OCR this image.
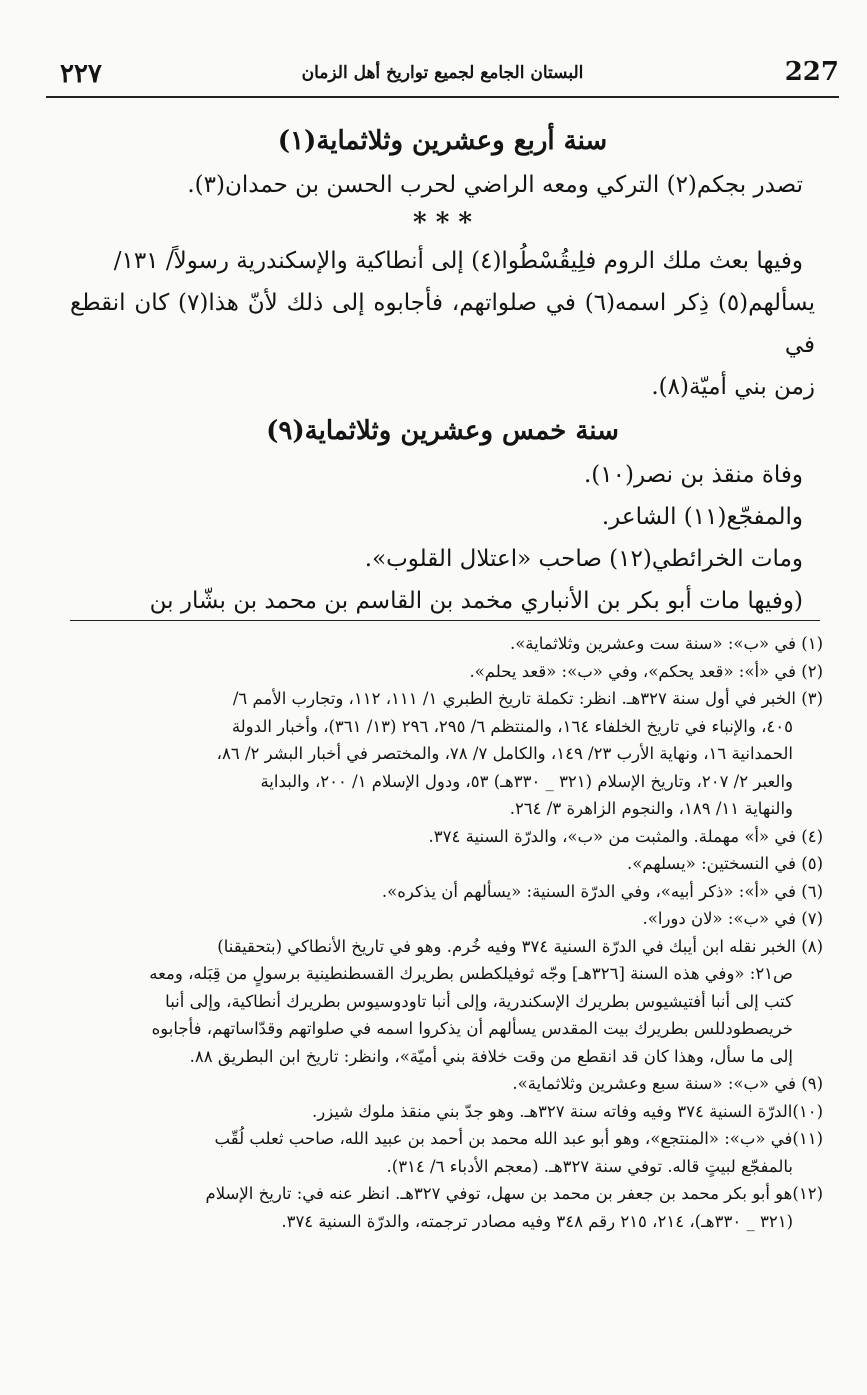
٢٢٧	البستان الجامع لجميع تواريخ أهل الزمان	227

سنة أربع وعشرين وثلاثماية(١)

تصدر بجكم(٢) التركي ومعه الراضي لحرب الحسن بن حمدان(٣).

* * *

وفيها بعث ملك الروم فلِيقُسْطُوا(٤) إلى أنطاكية والإسكندرية رسولاً/ ١٣١/

يسألهم(٥) ذِكر اسمه(٦) في صلواتهم، فأجابوه إلى ذلك لأنّ هذا(٧) كان انقطع في

زمن بني أميّة(٨).

سنة خمس وعشرين وثلاثماية(٩)

وفاة منقذ بن نصر(١٠).

والمفجّع(١١) الشاعر.

ومات الخرائطي(١٢) صاحب «اعتلال القلوب».

(وفيها مات أبو بكر بن الأنباري مخمد بن القاسم بن محمد بن بشّار بن

(١) في «ب»: «سنة ست وعشرين وثلاثماية».

(٢) في «أ»: «قعد يحكم»، وفي «ب»: «قعد يحلم».

(٣) الخبر في أول سنة ٣٢٧هـ. انظر: تكملة تاريخ الطبري ١/ ١١١، ١١٢، وتجارب الأمم ٦/

٤٠٥، والإنباء في تاريخ الخلفاء ١٦٤، والمنتظم ٦/ ٢٩٥، ٢٩٦ (١٣/ ٣٦١)، وأخبار الدولة

الحمدانية ١٦، ونهاية الأرب ٢٣/ ١٤٩، والكامل ٧/ ٧٨، والمختصر في أخبار البشر ٢/ ٨٦،

والعبر ٢/ ٢٠٧، وتاريخ الإسلام (٣٢١ _ ٣٣٠هـ) ٥٣، ودول الإسلام ١/ ٢٠٠، والبداية

والنهاية ١١/ ١٨٩، والنجوم الزاهرة ٣/ ٢٦٤.

(٤) في «أ» مهملة. والمثبت من «ب»، والدرّة السنية ٣٧٤.

(٥) في النسختين: «يسلهم».

(٦) في «أ»: «ذكر أبيه»، وفي الدرّة السنية: «يسألهم أن يذكره».

(٧) في «ب»: «لان دورا».

(٨) الخبر نقله ابن أيبك في الدرّة السنية ٣٧٤ وفيه خُرم. وهو في تاريخ الأنطاكي (بتحقيقنا)

ص٢١: «وفي هذه السنة [٣٢٦هـ] وجّه ثوفيلكطس بطريرك القسطنطينية برسولٍ من قِبَله، ومعه

كتب إلى أنبا أفتيشيوس بطريرك الإسكندرية، وإلى أنبا تاودوسيوس بطريرك أنطاكية، وإلى أنبا

خريصطودللس بطريرك بيت المقدس يسألهم أن يذكروا اسمه في صلواتهم وقدّاساتهم، فأجابوه

إلى ما سأل، وهذا كان قد انقطع من وقت خلافة بني أميّة»، وانظر: تاريخ ابن البطريق ٨٨.

(٩) في «ب»: «سنة سبع وعشرين وثلاثماية».

(١٠)الدرّة السنية ٣٧٤ وفيه وفاته سنة ٣٢٧هـ. وهو جدّ بني منقذ ملوك شيزر.

(١١)في «ب»: «المنتجع»، وهو أبو عبد الله محمد بن أحمد بن عبيد الله، صاحب ثعلب لُقّب

بالمفجّع لبيتٍ قاله. توفي سنة ٣٢٧هـ. (معجم الأدباء ٦/ ٣١٤).

(١٢)هو أبو بكر محمد بن جعفر بن محمد بن سهل، توفي ٣٢٧هـ. انظر عنه في: تاريخ الإسلام

(٣٢١ _ ٣٣٠هـ)، ٢١٤، ٢١٥ رقم ٣٤٨ وفيه مصادر ترجمته، والدرّة السنية ٣٧٤.
